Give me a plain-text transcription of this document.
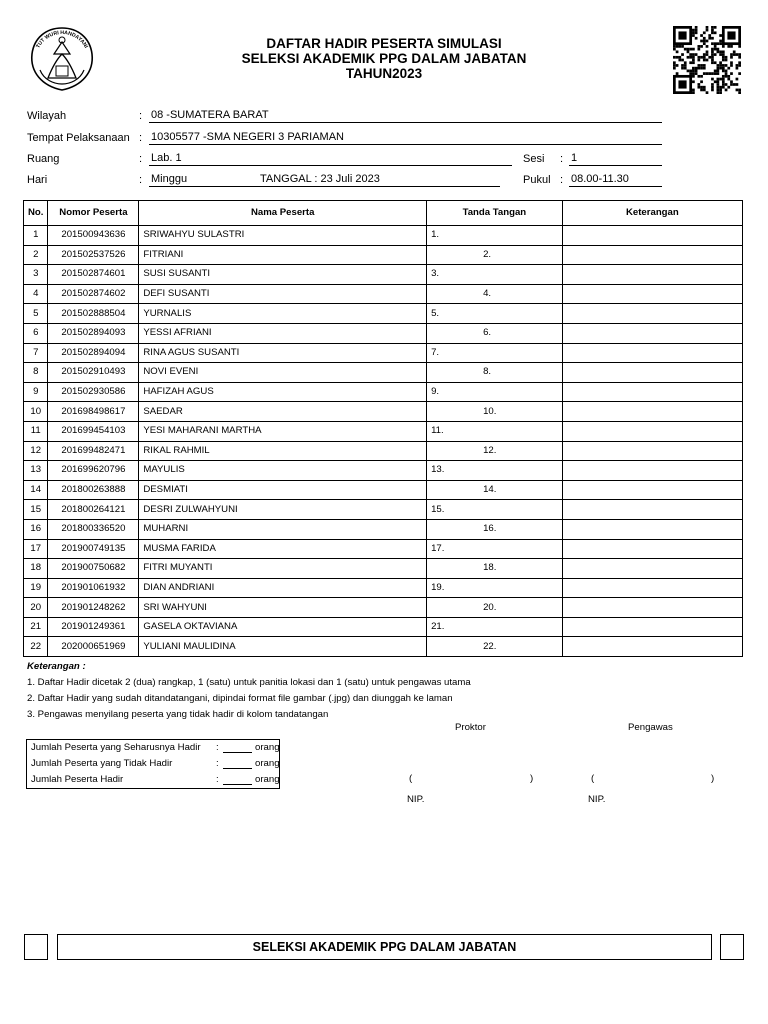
TUT WURI HANDAYANI	DAFTAR HADIR PESERTA SIMULASI
SELEKSI AKADEMIK PPG DALAM JABATAN
TAHUN2023
Wilayah	: 08 -SUMATERA BARAT
Tempat Pelaksanaan : 10305577 -SMA NEGERI 3 PARIAMAN
Ruang	: Lab. 1	Sesi : 1
Hari	: Minggu	TANGGAL : 23 Juli 2023	Pukul : 08.00-11.30
No.	Nomor Peserta	Nama Peserta	Tanda Tangan	Keterangan
1	201500943636	SRIWAHYU SULASTRI	1.	
2	201502537526	FITRIANI	2.	
3	201502874601	SUSI SUSANTI	3.	
4	201502874602	DEFI SUSANTI	4.	
5	201502888504	YURNALIS	5.	
6	201502894093	YESSI AFRIANI	6.	
7	201502894094	RINA AGUS SUSANTI	7.	
8	201502910493	NOVI EVENI	8.	
9	201502930586	HAFIZAH AGUS	9.	
10	201698498617	SAEDAR	10.	
11	201699454103	YESI MAHARANI MARTHA	11.	
12	201699482471	RIKAL RAHMIL	12.	
13	201699620796	MAYULIS	13.	
14	201800263888	DESMIATI	14.	
15	201800264121	DESRI ZULWAHYUNI	15.	
16	201800336520	MUHARNI	16.	
17	201900749135	MUSMA FARIDA	17.	
18	201900750682	FITRI MUYANTI	18.	
19	201901061932	DIAN ANDRIANI	19.	
20	201901248262	SRI WAHYUNI	20.	
21	201901249361	GASELA OKTAVIANA	21.	
22	202000651969	YULIANI MAULIDINA	22.	
Keterangan :
1. Daftar Hadir dicetak 2 (dua) rangkap, 1 (satu) untuk panitia lokasi dan 1 (satu) untuk pengawas utama
2. Daftar Hadir yang sudah ditandatangani, dipindai format file gambar (.jpg) dan diunggah ke laman
3. Pengawas menyilang peserta yang tidak hadir di kolom tandatangan
Jumlah Peserta yang Seharusnya Hadir :	orang
Jumlah Peserta yang Tidak Hadir	:	orang
Jumlah Peserta Hadir	:	orang
Proktor	Pengawas
(	)	(	)
NIP.	NIP.
SELEKSI AKADEMIK PPG DALAM JABATAN
